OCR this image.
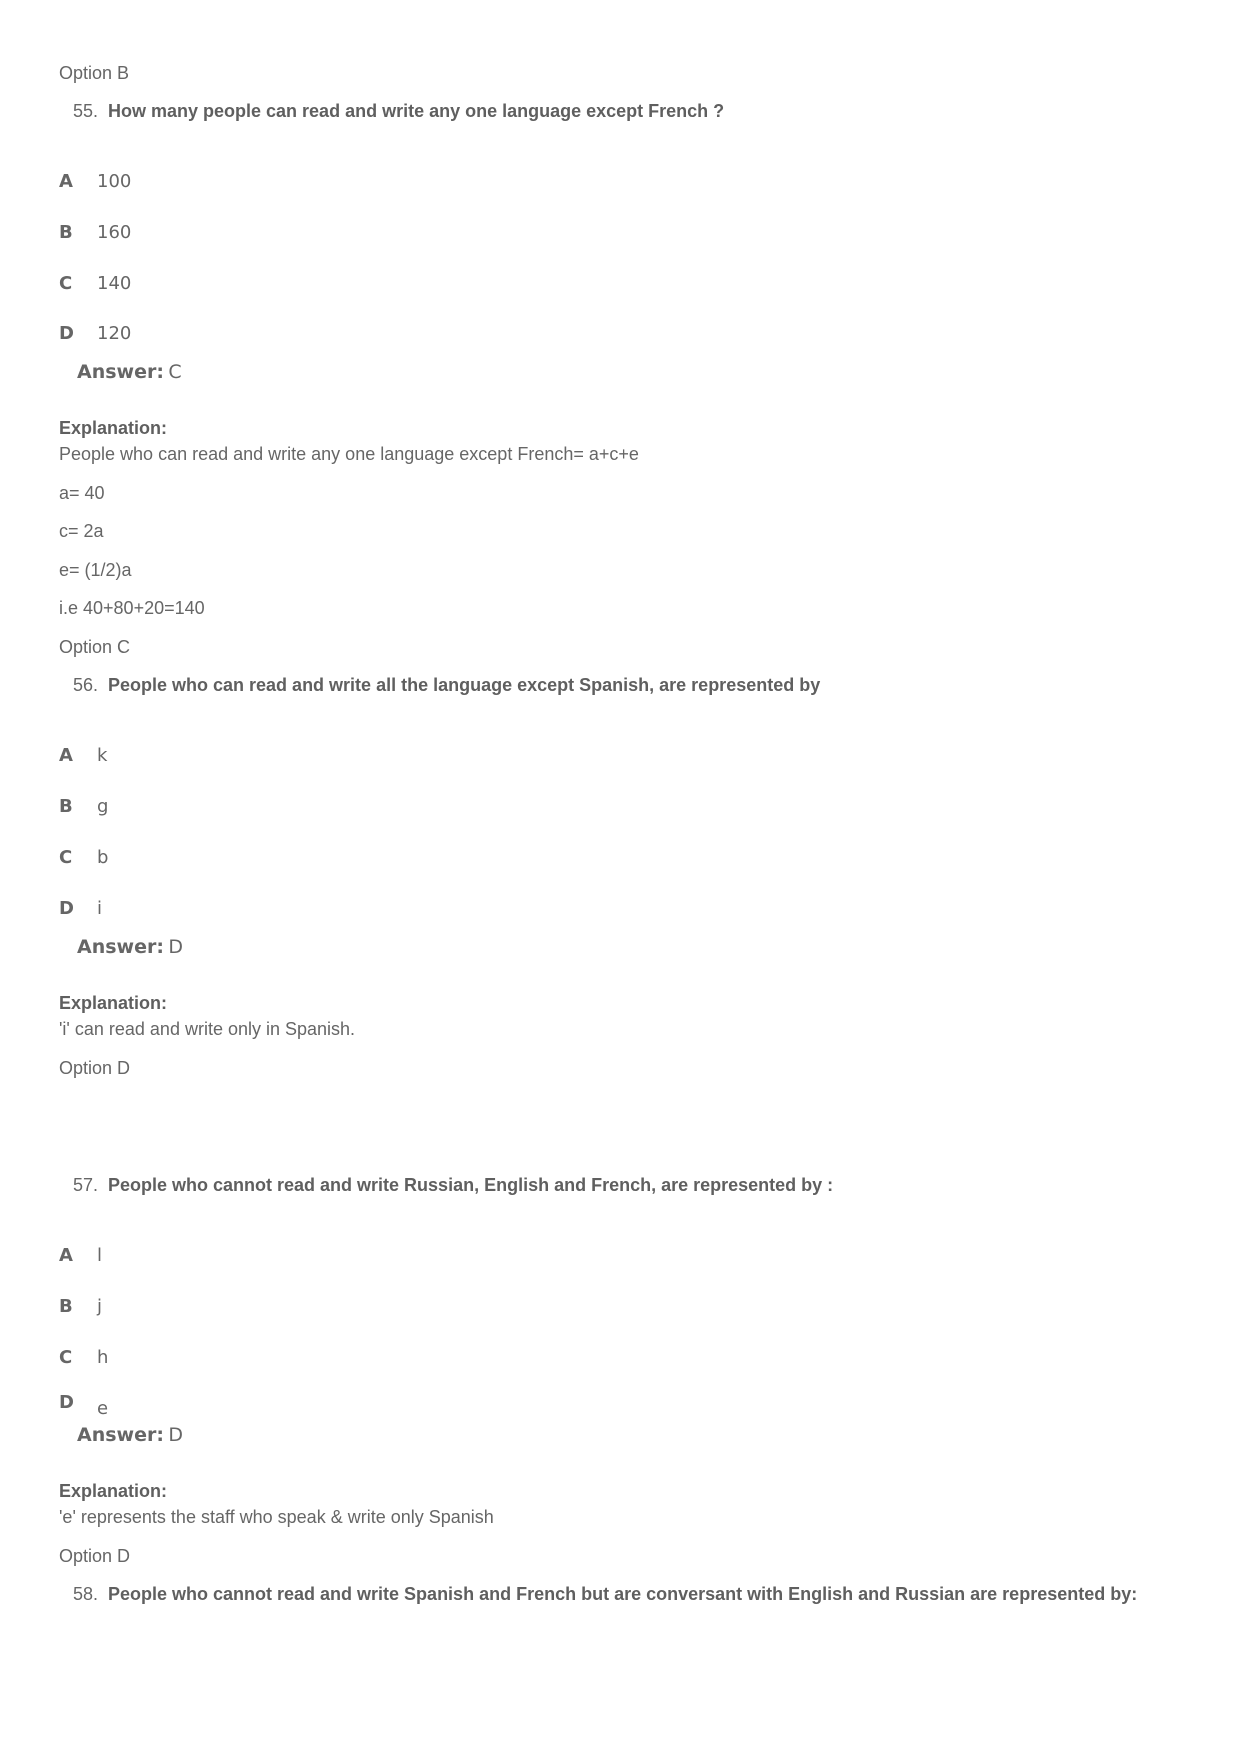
Option B
55. How many people can read and write any one language except French ?
A 100
B 160
C 140
D 120
Answer: C
Explanation:
People who can read and write any one language except French= a+c+e
a= 40
c= 2a
e= (1/2)a
i.e 40+80+20=140
Option C
56. People who can read and write all the language except Spanish, are represented by
A k
B g
C b
D i
Answer: D
Explanation:
'i' can read and write only in Spanish.
Option D
57. People who cannot read and write Russian, English and French, are represented by :
A l
B j
C h
D e
Answer: D
Explanation:
'e' represents the staff who speak & write only Spanish
Option D
58. People who cannot read and write Spanish and French but are conversant with English and Russian are represented by:
